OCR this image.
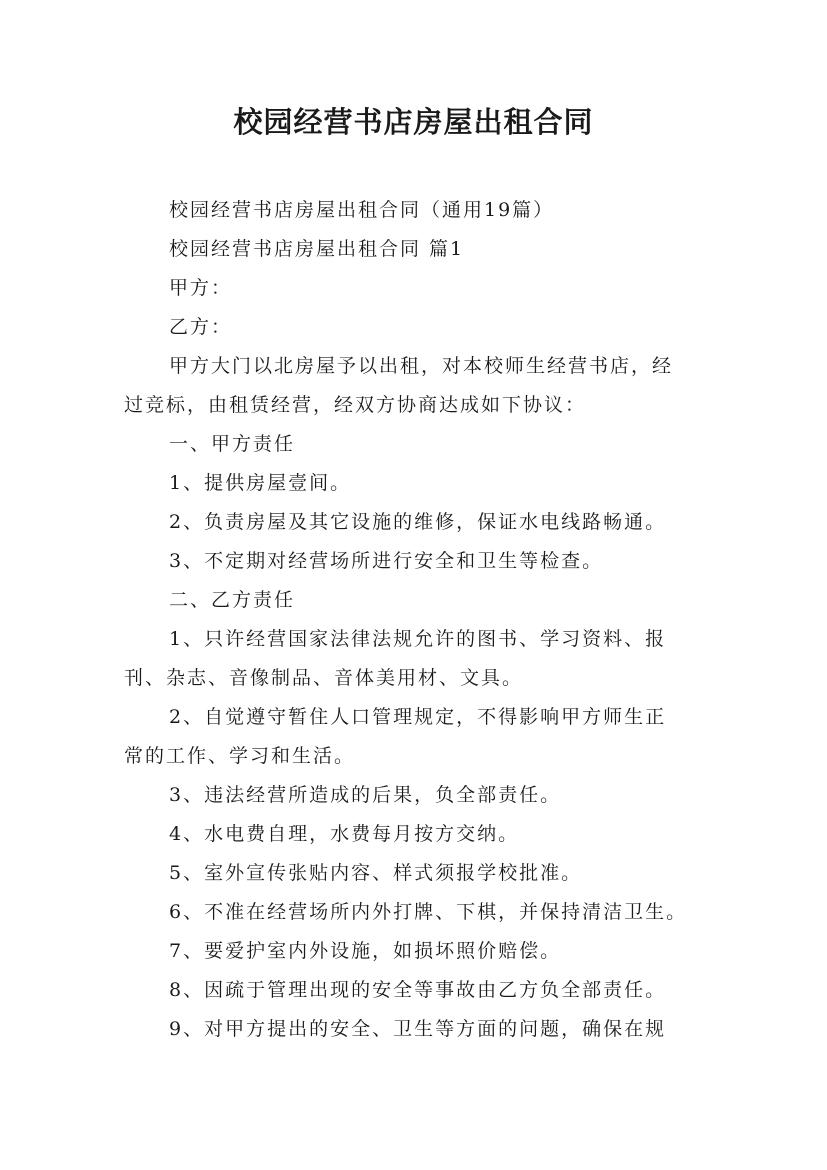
校园经营书店房屋出租合同
校园经营书店房屋出租合同（通用19篇）
校园经营书店房屋出租合同 篇1
甲方：
乙方：
甲方大门以北房屋予以出租，对本校师生经营书店，经
过竞标，由租赁经营，经双方协商达成如下协议：
一、甲方责任
1、提供房屋壹间。
2、负责房屋及其它设施的维修，保证水电线路畅通。
3、不定期对经营场所进行安全和卫生等检查。
二、乙方责任
1、只许经营国家法律法规允许的图书、学习资料、报
刊、杂志、音像制品、音体美用材、文具。
2、自觉遵守暂住人口管理规定，不得影响甲方师生正
常的工作、学习和生活。
3、违法经营所造成的后果，负全部责任。
4、水电费自理，水费每月按方交纳。
5、室外宣传张贴内容、样式须报学校批准。
6、不准在经营场所内外打牌、下棋，并保持清洁卫生。
7、要爱护室内外设施，如损坏照价赔偿。
8、因疏于管理出现的安全等事故由乙方负全部责任。
9、对甲方提出的安全、卫生等方面的问题，确保在规
